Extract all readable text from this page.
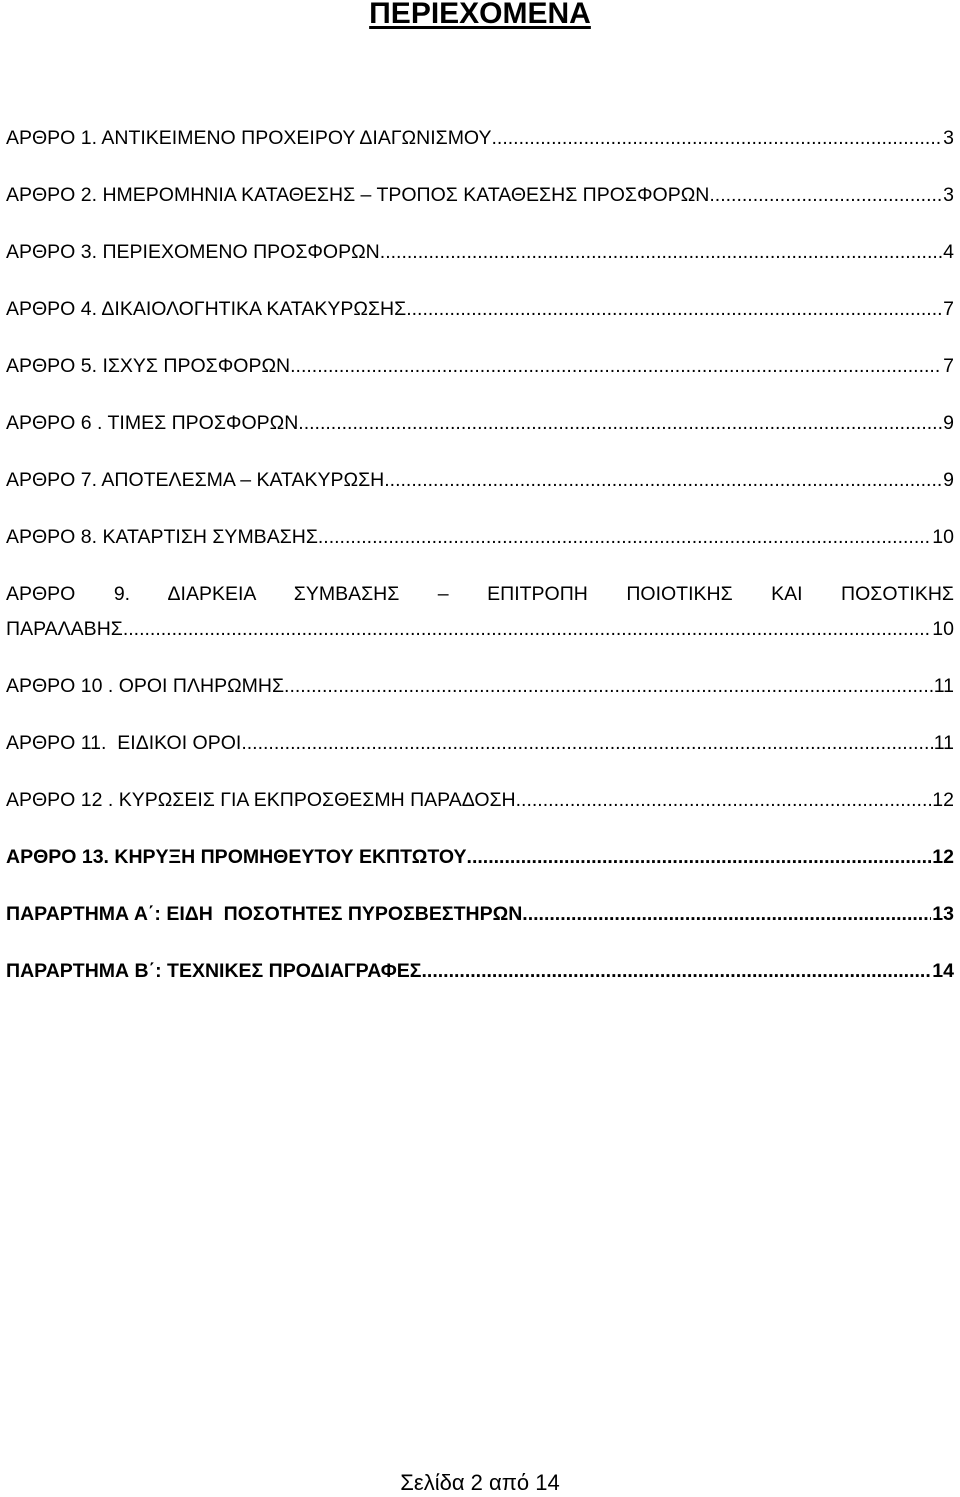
ΠΕΡΙΕΧΟΜΕΝΑ
ΑΡΘΡΟ 1. ΑΝΤΙΚΕΙΜΕΝΟ ΠΡΟΧΕΙΡΟΥ ΔΙΑΓΩΝΙΣΜΟΥ .....	3
ΑΡΘΡΟ 2. ΗΜΕΡΟΜΗΝΙΑ ΚΑΤΑΘΕΣΗΣ – ΤΡΟΠΟΣ ΚΑΤΑΘΕΣΗΣ ΠΡΟΣΦΟΡΩΝ .....	3
ΑΡΘΡΟ 3. ΠΕΡΙΕΧΟΜΕΝΟ ΠΡΟΣΦΟΡΩΝ .....	4
ΑΡΘΡΟ 4. ΔΙΚΑΙΟΛΟΓΗΤΙΚΑ ΚΑΤΑΚΥΡΩΣΗΣ .....	7
ΑΡΘΡΟ 5. ΙΣΧΥΣ ΠΡΟΣΦΟΡΩΝ .....	7
ΑΡΘΡΟ 6 . ΤΙΜΕΣ ΠΡΟΣΦΟΡΩΝ .....	9
ΑΡΘΡΟ 7. ΑΠΟΤΕΛΕΣΜΑ – ΚΑΤΑΚΥΡΩΣΗ .....	9
ΑΡΘΡΟ 8. ΚΑΤΑΡΤΙΣΗ ΣΥΜΒΑΣΗΣ .....	10
ΑΡΘΡΟ 9. ΔΙΑΡΚΕΙΑ ΣΥΜΒΑΣΗΣ – ΕΠΙΤΡΟΠΗ ΠΟΙΟΤΙΚΗΣ ΚΑΙ ΠΟΣΟΤΙΚΗΣ
ΠΑΡΑΛΑΒΗΣ .....	10
ΑΡΘΡΟ 10 . ΟΡΟΙ ΠΛΗΡΩΜΗΣ .....	11
ΑΡΘΡΟ 11.  ΕΙΔΙΚΟΙ ΟΡΟΙ .....	11
ΑΡΘΡΟ 12 . ΚΥΡΩΣΕΙΣ ΓΙΑ ΕΚΠΡΟΣΘΕΣΜΗ ΠΑΡΑΔΟΣΗ .....	12
ΑΡΘΡΟ 13. ΚΗΡΥΞΗ ΠΡΟΜΗΘΕΥΤΟΥ ΕΚΠΤΩΤΟΥ .....	12
ΠΑΡΑΡΤΗΜΑ Α΄: ΕΙΔΗ  ΠΟΣΟΤΗΤΕΣ ΠΥΡΟΣΒΕΣΤΗΡΩΝ .....	13
ΠΑΡΑΡΤΗΜΑ Β΄: ΤΕΧΝΙΚΕΣ ΠΡΟΔΙΑΓΡΑΦΕΣ .....	14
Σελίδα 2 από 14
